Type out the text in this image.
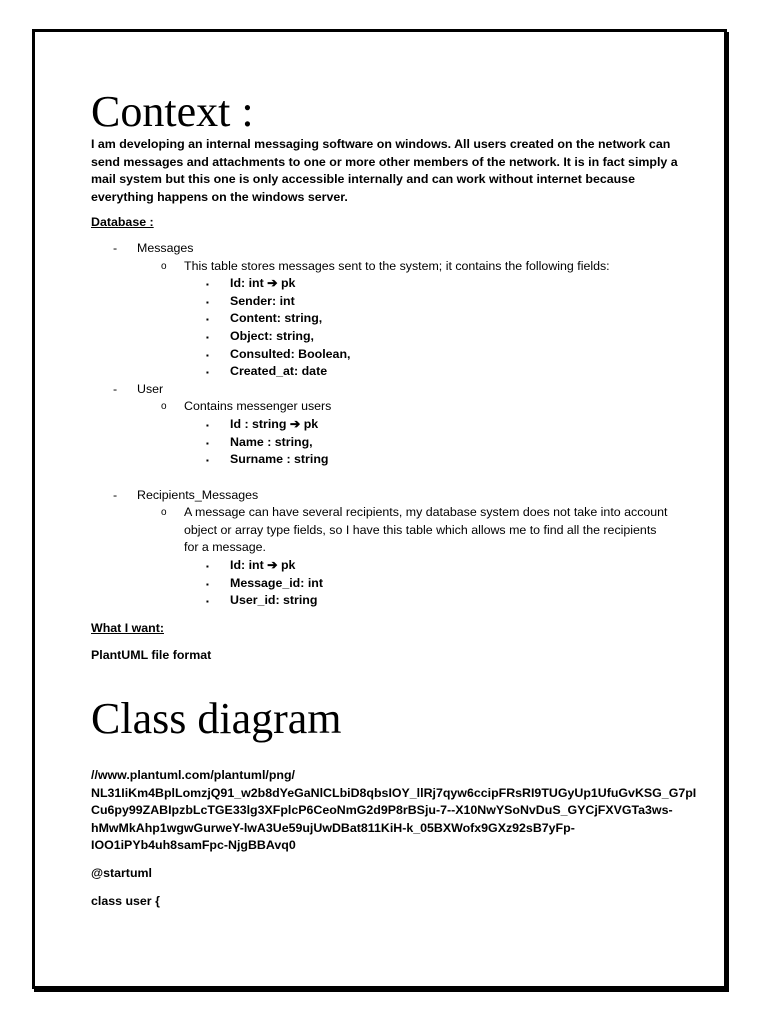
Context :

I am developing an internal messaging software on windows. All users created on the network can send messages and attachments to one or more other members of the network. It is in fact simply a mail system but this one is only accessible internally and can work without internet because everything happens on the windows server.

Database :

- Messages
o This table stores messages sent to the system; it contains the following fields:
▪ Id: int ➔ pk
▪ Sender: int
▪ Content: string,
▪ Object: string,
▪ Consulted: Boolean,
▪ Created_at: date
- User
o Contains messenger users
▪ Id : string ➔ pk
▪ Name : string,
▪ Surname : string
- Recipients_Messages
o A message can have several recipients, my database system does not take into account object or array type fields, so I have this table which allows me to find all the recipients for a message.
▪ Id: int ➔ pk
▪ Message_id: int
▪ User_id: string

What I want:

PlantUML file format

Class diagram

//www.plantuml.com/plantuml/png/

NL31IiKm4BplLomzjQ91_w2b8dYeGaNlCLbiD8qbsIOY_llRj7qyw6ccipFRsRI9TUGyUp1UfuGvKSG_G7pI

Cu6py99ZABIpzbLcTGE33lg3XFplcP6CeoNmG2d9P8rBSju-7--X10NwYSoNvDuS_GYCjFXVGTa3ws-

hMwMkAhp1wgwGurweY-lwA3Ue59ujUwDBat811KiH-k_05BXWofx9GXz92sB7yFp-

IOO1iPYb4uh8samFpc-NjgBBAvq0

@startuml

class user {
